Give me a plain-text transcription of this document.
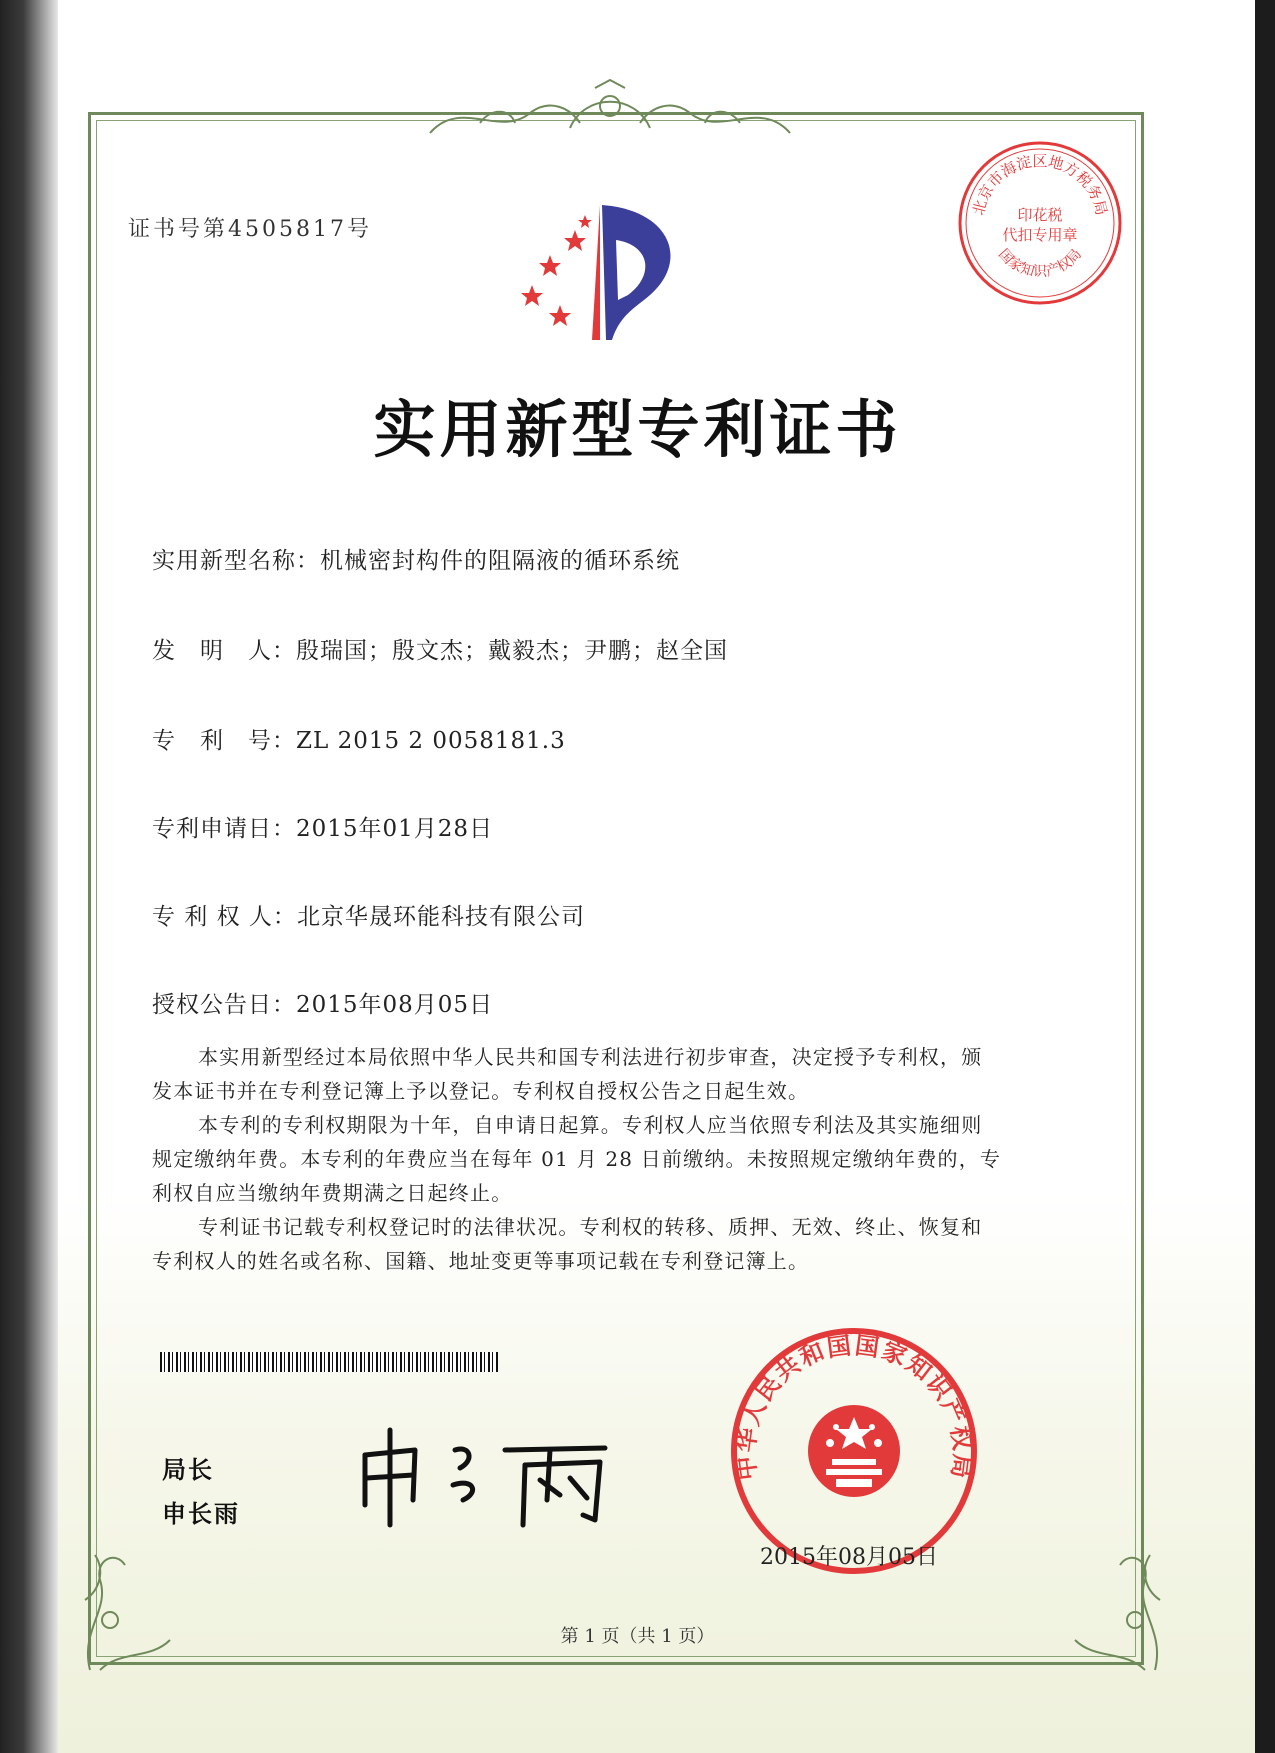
证书号第4505817号
北京市海淀区地方税务局
国家知识产权局
印花税
代扣专用章
实用新型专利证书
实用新型名称：机械密封构件的阻隔液的循环系统
发　明　人：殷瑞国；殷文杰；戴毅杰；尹鹏；赵全国
专　利　号：ZL 2015 2 0058181.3
专利申请日：2015年01月28日
专 利 权 人：北京华晟环能科技有限公司
授权公告日：2015年08月05日

本实用新型经过本局依照中华人民共和国专利法进行初步审查，决定授予专利权，颁

发本证书并在专利登记簿上予以登记。专利权自授权公告之日起生效。

本专利的专利权期限为十年，自申请日起算。专利权人应当依照专利法及其实施细则

规定缴纳年费。本专利的年费应当在每年 01 月 28 日前缴纳。未按照规定缴纳年费的，专

利权自应当缴纳年费期满之日起终止。

专利证书记载专利权登记时的法律状况。专利权的转移、质押、无效、终止、恢复和

专利权人的姓名或名称、国籍、地址变更等事项记载在专利登记簿上。

局长
申长雨
中华人民共和国国家知识产权局
2015年08月05日
第 1 页（共 1 页）
